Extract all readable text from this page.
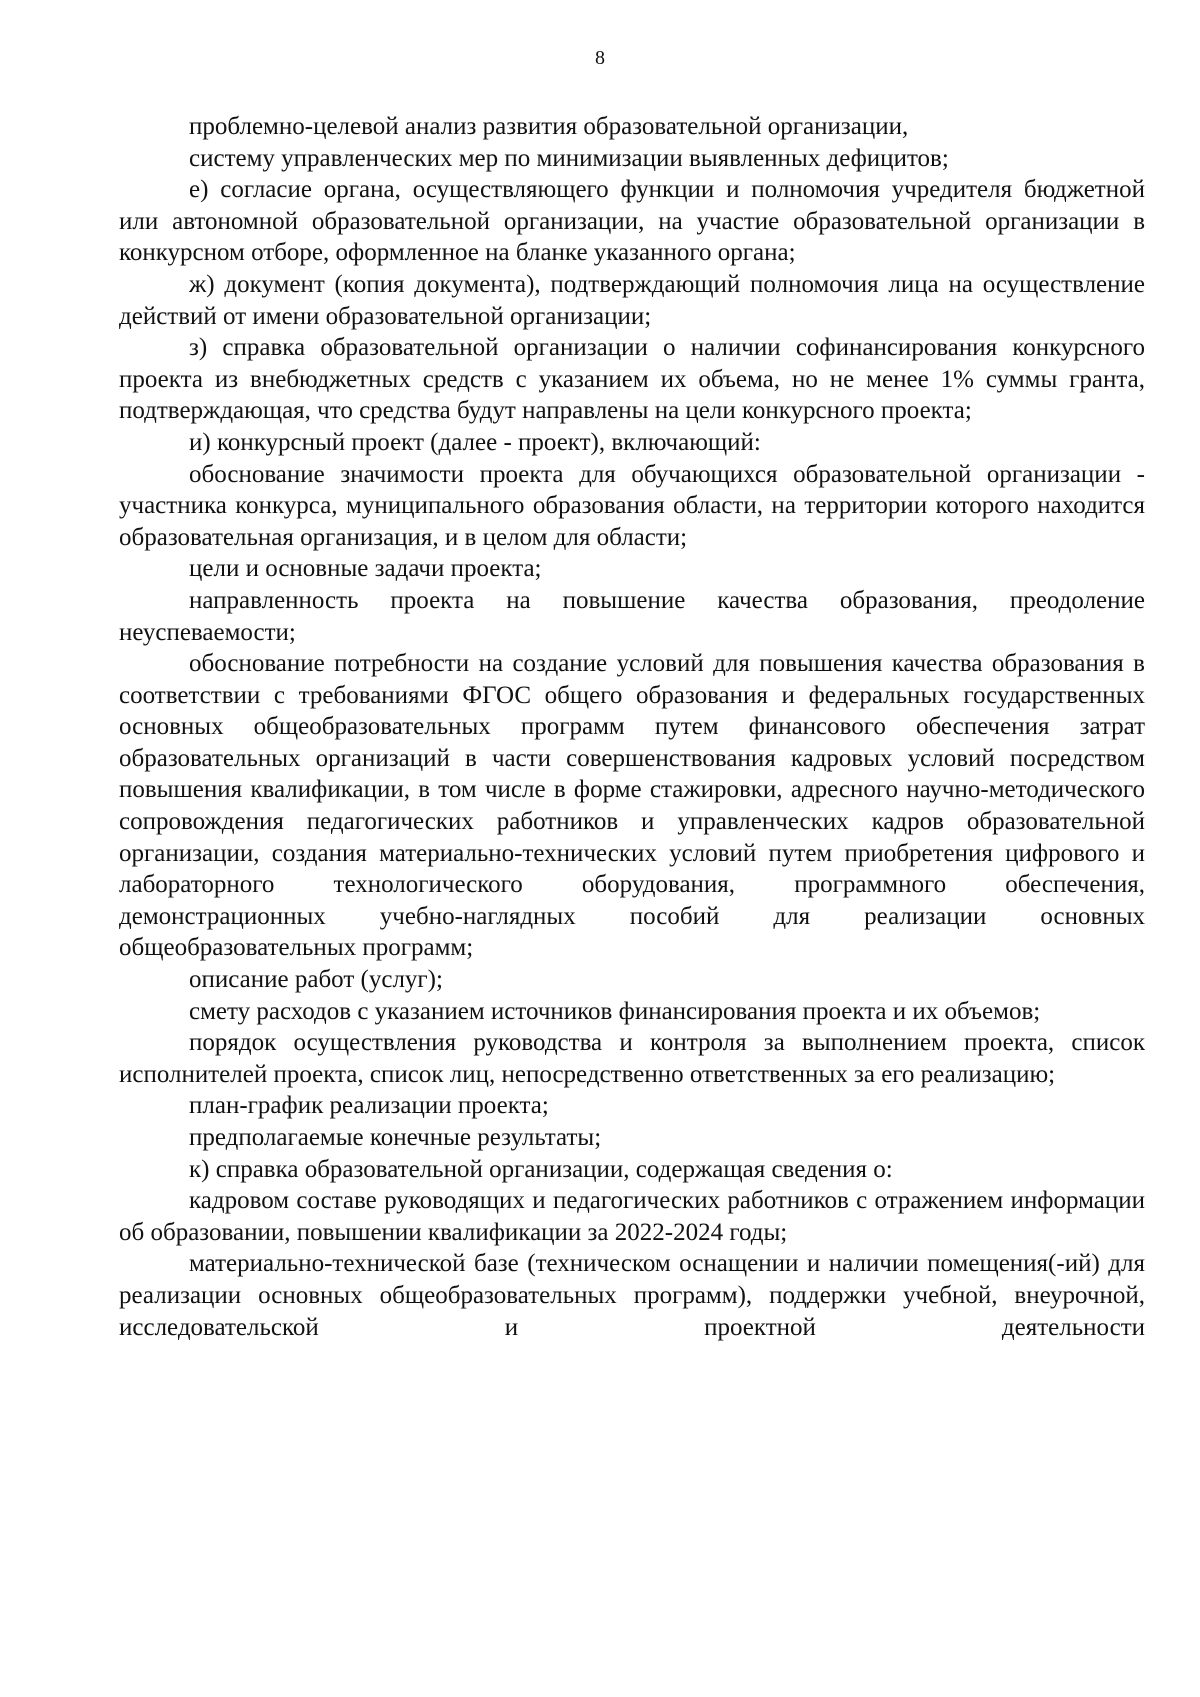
8

проблемно-целевой анализ развития образовательной организации,

систему управленческих мер по минимизации выявленных дефицитов;

е) согласие органа, осуществляющего функции и полномочия учредителя бюджетной или автономной образовательной организации, на участие образовательной организации в конкурсном отборе, оформленное на бланке указанного органа;

ж) документ (копия документа), подтверждающий полномочия лица на осуществление действий от имени образовательной организации;

з) справка образовательной организации о наличии софинансирования конкурсного проекта из внебюджетных средств с указанием их объема, но не менее 1% суммы гранта, подтверждающая, что средства будут направлены на цели конкурсного проекта;

и) конкурсный проект (далее - проект), включающий:

обоснование значимости проекта для обучающихся образовательной организации - участника конкурса, муниципального образования области, на территории которого находится образовательная организация, и в целом для области;

цели и основные задачи проекта;

направленность проекта на повышение качества образования, преодоление неуспеваемости;

обоснование потребности на создание условий для повышения качества образования в соответствии с требованиями ФГОС общего образования и федеральных государственных основных общеобразовательных программ путем финансового обеспечения затрат образовательных организаций в части совершенствования кадровых условий посредством повышения квалификации, в том числе в форме стажировки, адресного научно-методического сопровождения педагогических работников и управленческих кадров образовательной организации, создания материально-технических условий путем приобретения цифрового и лабораторного технологического оборудования, программного обеспечения, демонстрационных учебно-наглядных пособий для реализации основных общеобразовательных программ;

описание работ (услуг);

смету расходов с указанием источников финансирования проекта и их объемов;

порядок осуществления руководства и контроля за выполнением проекта, список исполнителей проекта, список лиц, непосредственно ответственных за его реализацию;

план-график реализации проекта;

предполагаемые конечные результаты;

к) справка образовательной организации, содержащая сведения о:

кадровом составе руководящих и педагогических работников с отражением информации об образовании, повышении квалификации за 2022-2024 годы;

материально-технической базе (техническом оснащении и наличии помещения(-ий) для реализации основных общеобразовательных программ), поддержки учебной, внеурочной, исследовательской и проектной деятельности
